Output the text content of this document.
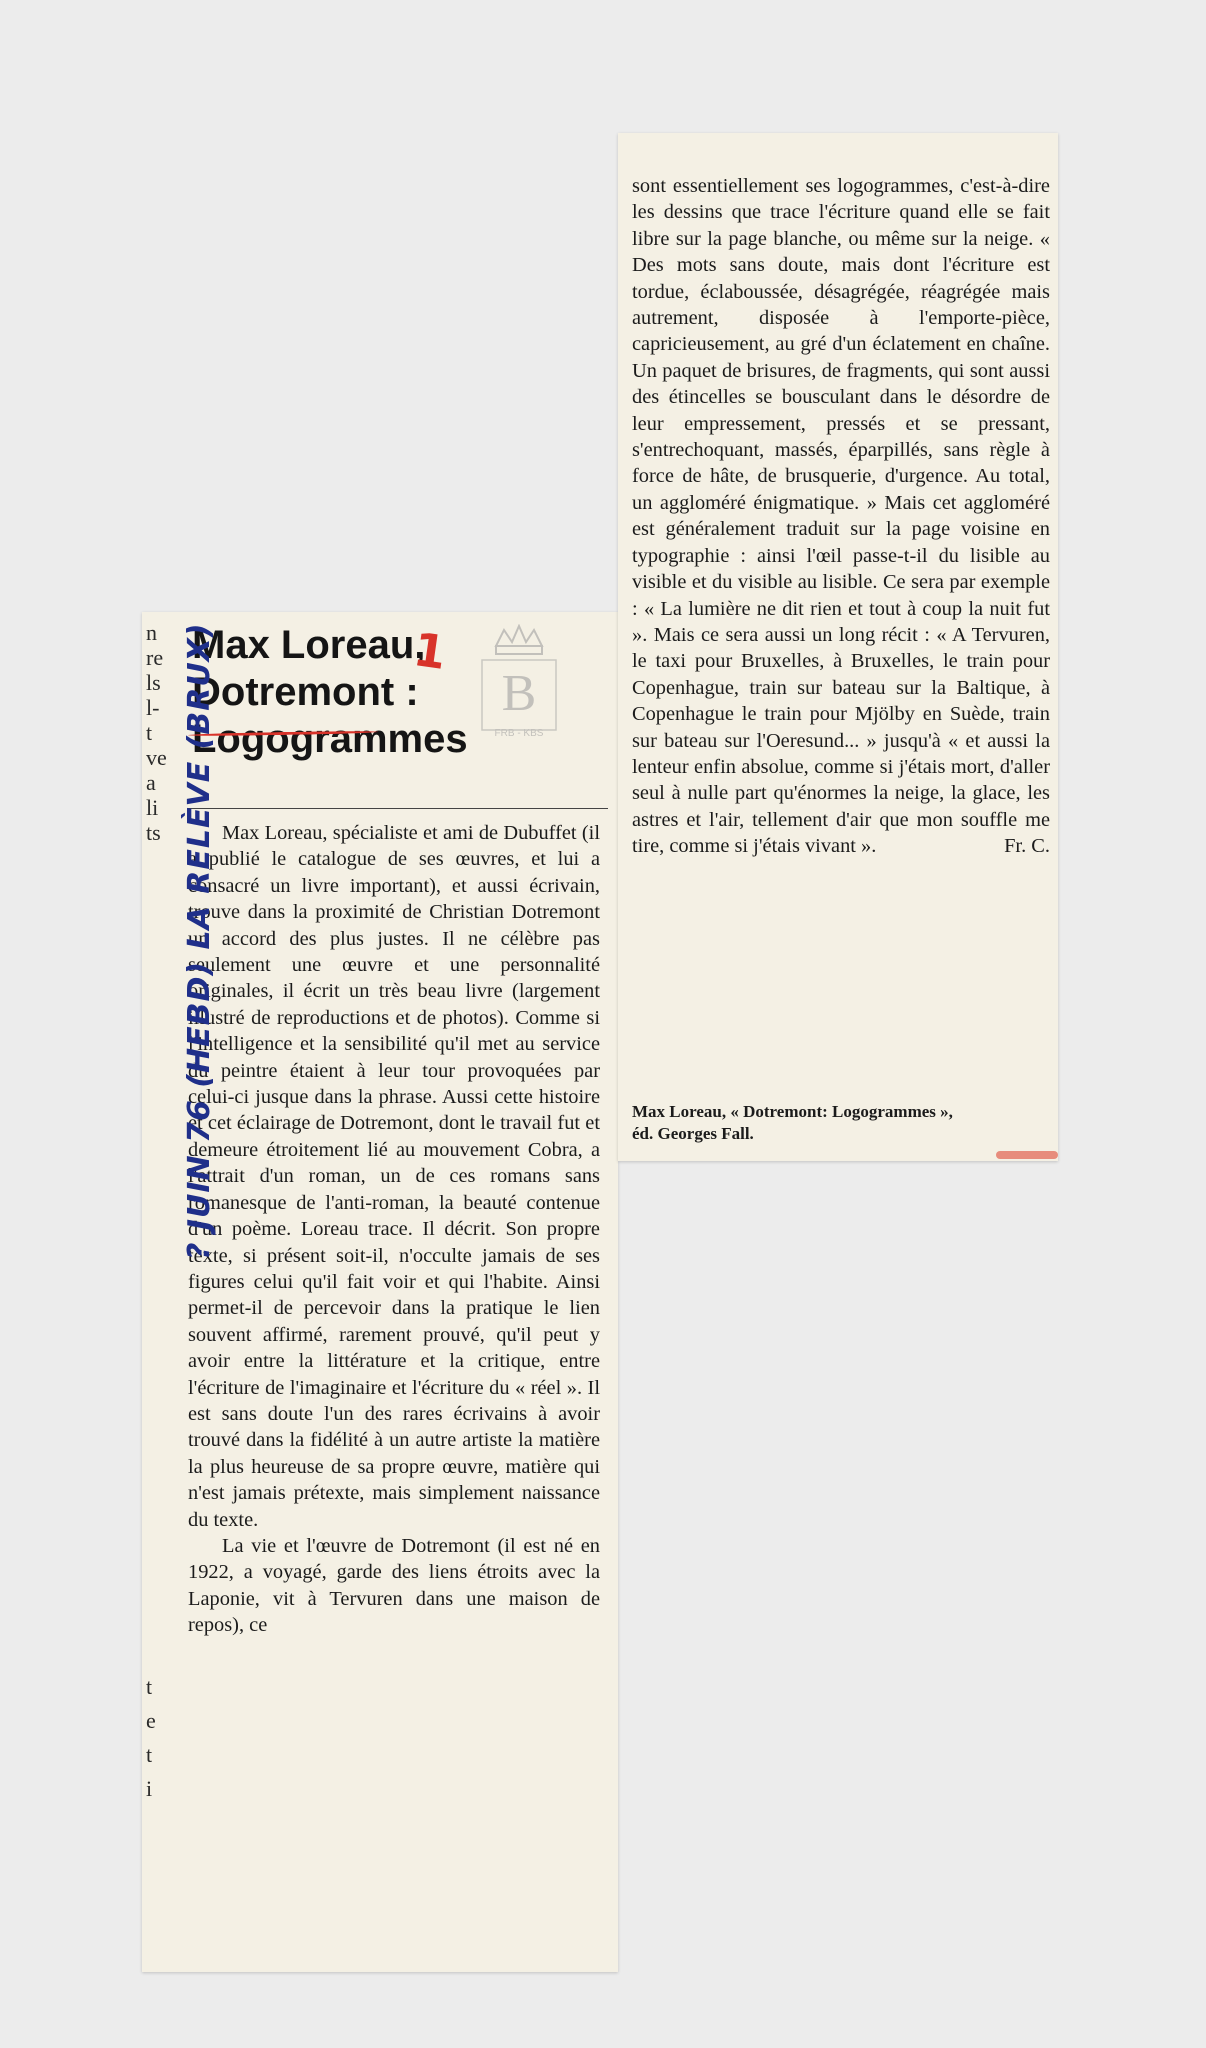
n
re
ls
l-
t
ve
a
li
ts
t
e
t
i
Max Loreau,
Dotremont :
Logogrammes
1
B
FRB - KBS

Max Loreau, spécialiste et ami de Dubuffet (il a publié le catalogue de ses œuvres, et lui a consacré un livre important), et aussi écrivain, trouve dans la proximité de Christian Dotremont un accord des plus justes. Il ne célèbre pas seulement une œuvre et une personnalité originales, il écrit un très beau livre (largement illustré de reproductions et de photos). Comme si l'intelligence et la sensibilité qu'il met au service du peintre étaient à leur tour provoquées par celui-ci jusque dans la phrase. Aussi cette histoire et cet éclairage de Dotremont, dont le travail fut et demeure étroitement lié au mouvement Cobra, a l'attrait d'un roman, un de ces romans sans romanesque de l'anti-roman, la beauté contenue d'un poème. Loreau trace. Il décrit. Son propre texte, si présent soit-il, n'occulte jamais de ses figures celui qu'il fait voir et qui l'habite. Ainsi permet-il de percevoir dans la pratique le lien souvent affirmé, rarement prouvé, qu'il peut y avoir entre la littérature et la critique, entre l'écriture de l'imaginaire et l'écriture du « réel ». Il est sans doute l'un des rares écrivains à avoir trouvé dans la fidélité à un autre artiste la matière la plus heureuse de sa propre œuvre, matière qui n'est jamais prétexte, mais simplement naissance du texte.

La vie et l'œuvre de Dotremont (il est né en 1922, a voyagé, garde des liens étroits avec la Laponie, vit à Tervuren dans une maison de repos), ce

? JUIN 76 (HEBD) LA RELÈVE (BRUX)

sont essentiellement ses logogrammes, c'est-à-dire les dessins que trace l'écriture quand elle se fait libre sur la page blanche, ou même sur la neige. « Des mots sans doute, mais dont l'écriture est tordue, éclaboussée, désagrégée, réagrégée mais autrement, disposée à l'emporte-pièce, capricieusement, au gré d'un éclatement en chaîne. Un paquet de brisures, de fragments, qui sont aussi des étincelles se bousculant dans le désordre de leur empressement, pressés et se pressant, s'entrechoquant, massés, éparpillés, sans règle à force de hâte, de brusquerie, d'urgence. Au total, un aggloméré énigmatique. » Mais cet aggloméré est généralement traduit sur la page voisine en typographie : ainsi l'œil passe-t-il du lisible au visible et du visible au lisible. Ce sera par exemple : « La lumière ne dit rien et tout à coup la nuit fut ». Mais ce sera aussi un long récit : « A Tervuren, le taxi pour Bruxelles, à Bruxelles, le train pour Copenhague, train sur bateau sur la Baltique, à Copenhague le train pour Mjölby en Suède, train sur bateau sur l'Oeresund... » jusqu'à « et aussi la lenteur enfin absolue, comme si j'étais mort, d'aller seul à nulle part qu'énormes la neige, la glace, les astres et l'air, tellement d'air que mon souffle me tire, comme si j'étais vivant ».	Fr. C.

Max Loreau, « Dotremont: Logogrammes »,
éd. Georges Fall.
